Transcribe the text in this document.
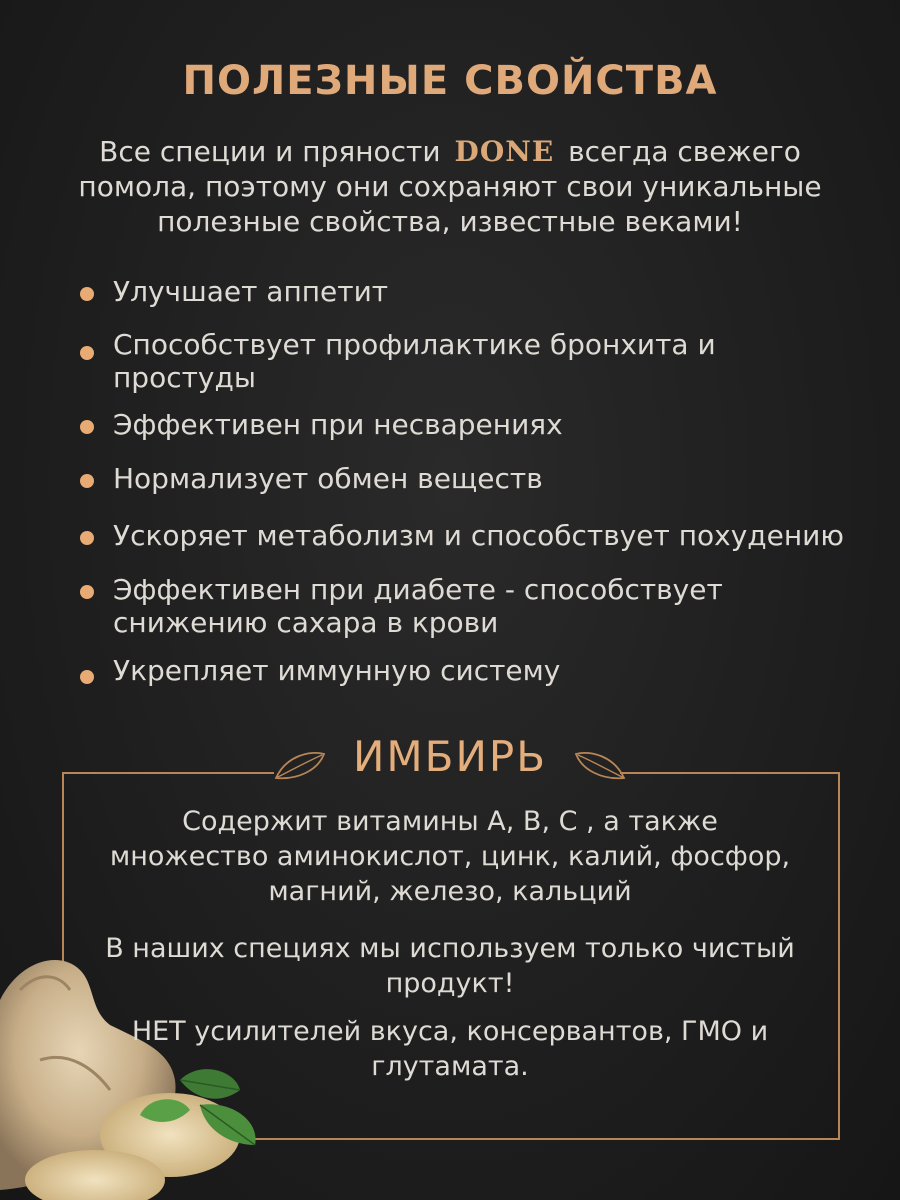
ПОЛЕЗНЫЕ СВОЙСТВА
Все специи и пряности DONE всегда свежего
помола, поэтому они сохраняют свои уникальные
полезные свойства, известные веками!
Улучшает аппетит
Способствует профилактике бронхита и
простуды
Эффективен при несварениях
Нормализует обмен веществ
Ускоряет метаболизм и способствует похудению
Эффективен при диабете - способствует
снижению сахара в крови
Укрепляет иммунную систему
ИМБИРЬ
Содержит витамины А, В, С , а также
множество аминокислот, цинк, калий, фосфор,
магний, железо, кальций
В наших специях мы используем только чистый
продукт!
НЕТ усилителей вкуса, консервантов, ГМО и
глутамата.
